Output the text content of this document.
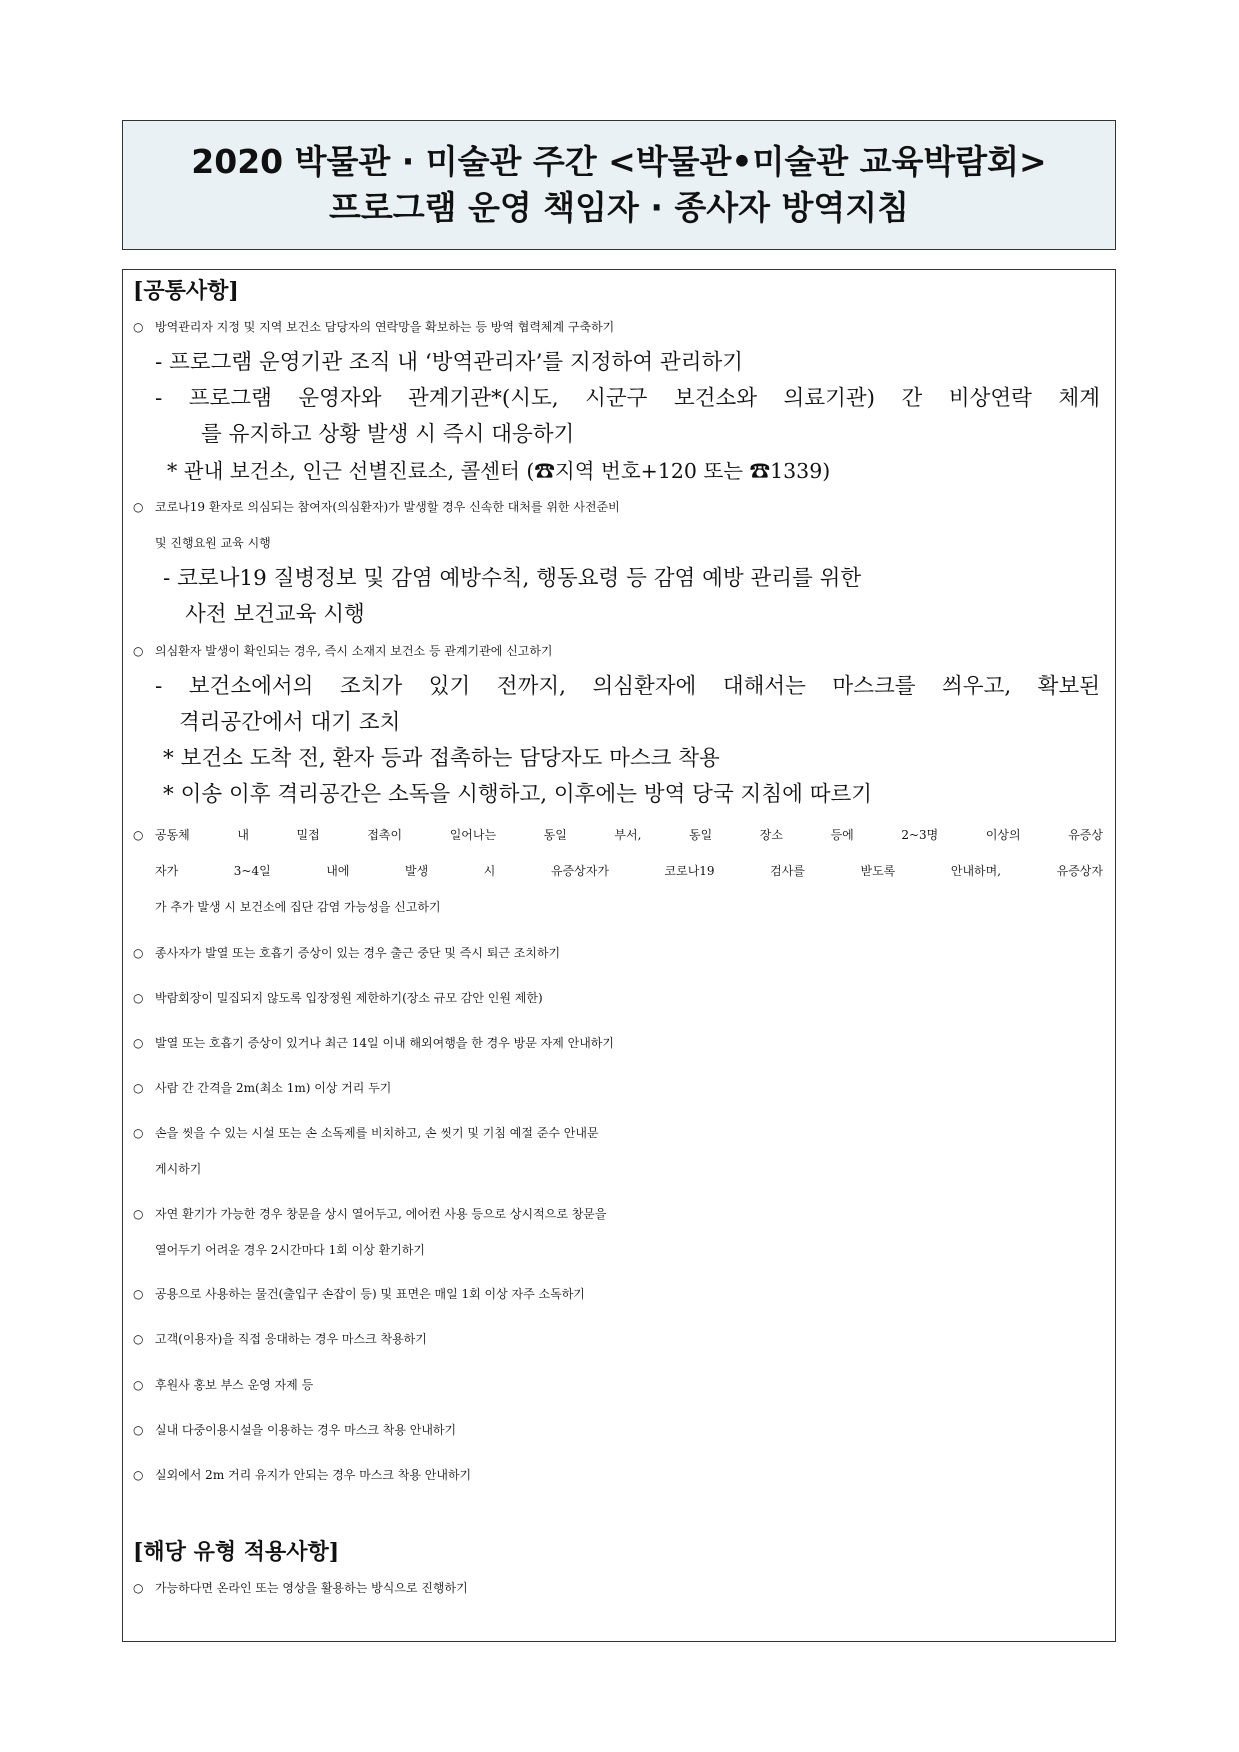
2020 박물관 · 미술관 주간 <박물관•미술관 교육박람회>
프로그램 운영 책임자 · 종사자 방역지침
[공통사항]
○ 방역관리자 지정 및 지역 보건소 담당자의 연락망을 확보하는 등 방역 협력체계 구축하기
- 프로그램 운영기관 조직 내 ‘방역관리자’를 지정하여 관리하기
- 프로그램 운영자와 관계기관*(시도, 시군구 보건소와 의료기관) 간 비상연락 체계
를 유지하고 상황 발생 시 즉시 대응하기
* 관내 보건소, 인근 선별진료소, 콜센터 (☎지역 번호+120 또는 ☎1339)
○ 코로나19 환자로 의심되는 참여자(의심환자)가 발생할 경우 신속한 대처를 위한 사전준비
및 진행요원 교육 시행
- 코로나19 질병정보 및 감염 예방수칙, 행동요령 등 감염 예방 관리를 위한
사전 보건교육 시행
○ 의심환자 발생이 확인되는 경우, 즉시 소재지 보건소 등 관계기관에 신고하기
- 보건소에서의 조치가 있기 전까지, 의심환자에 대해서는 마스크를 씌우고, 확보된
격리공간에서 대기 조치
* 보건소 도착 전, 환자 등과 접촉하는 담당자도 마스크 착용
* 이송 이후 격리공간은 소독을 시행하고, 이후에는 방역 당국 지침에 따르기
○ 공동체 내 밀접 접촉이 일어나는 동일 부서, 동일 장소 등에 2~3명 이상의 유증상
자가 3~4일 내에 발생 시 유증상자가 코로나19 검사를 받도록 안내하며, 유증상자
가 추가 발생 시 보건소에 집단 감염 가능성을 신고하기
○ 종사자가 발열 또는 호흡기 증상이 있는 경우 출근 중단 및 즉시 퇴근 조치하기
○ 박람회장이 밀집되지 않도록 입장정원 제한하기(장소 규모 감안 인원 제한)
○ 발열 또는 호흡기 증상이 있거나 최근 14일 이내 해외여행을 한 경우 방문 자제 안내하기
○ 사람 간 간격을 2m(최소 1m) 이상 거리 두기
○ 손을 씻을 수 있는 시설 또는 손 소독제를 비치하고, 손 씻기 및 기침 예절 준수 안내문
게시하기
○ 자연 환기가 가능한 경우 창문을 상시 열어두고, 에어컨 사용 등으로 상시적으로 창문을
열어두기 어려운 경우 2시간마다 1회 이상 환기하기
○ 공용으로 사용하는 물건(출입구 손잡이 등) 및 표면은 매일 1회 이상 자주 소독하기
○ 고객(이용자)을 직접 응대하는 경우 마스크 착용하기
○ 후원사 홍보 부스 운영 자제 등
○ 실내 다중이용시설을 이용하는 경우 마스크 착용 안내하기
○ 실외에서 2m 거리 유지가 안되는 경우 마스크 착용 안내하기
[해당 유형 적용사항]
○ 가능하다면 온라인 또는 영상을 활용하는 방식으로 진행하기
